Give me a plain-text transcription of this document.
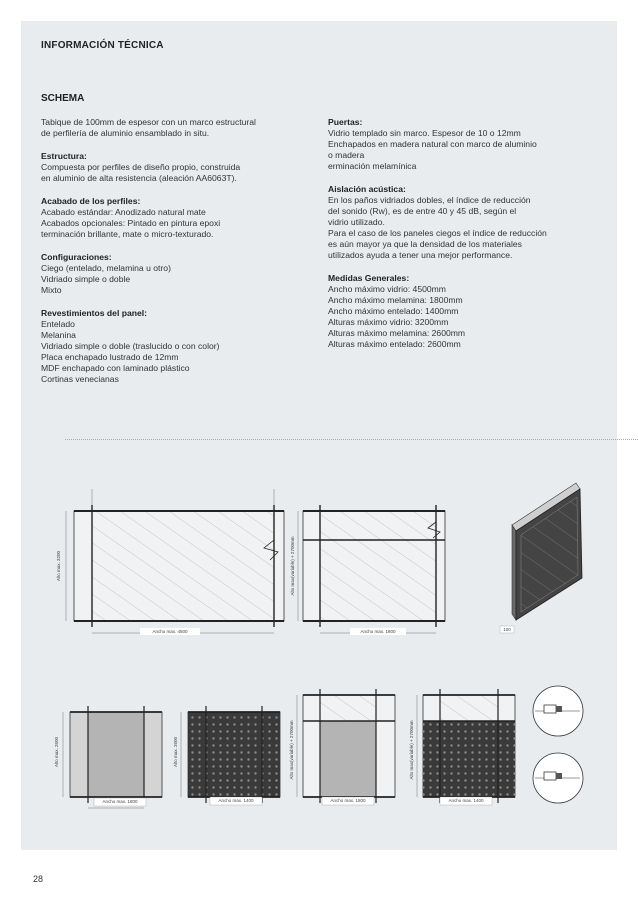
INFORMACIÓN TÉCNICA
SCHEMA
Tabique de 100mm de espesor con un marco estructural
de perfilería de aluminio ensamblado in situ.
Estructura:
Compuesta por perfiles de diseño propio, construida
en aluminio de alta resistencia (aleación AA6063T).
Acabado de los perfiles:
Acabado estándar: Anodizado natural mate
Acabados opcionales: Pintado en pintura epoxi
terminación brillante, mate o micro-texturado.
Configuraciones:
Ciego (entelado, melamina u otro)
Vidriado simple o doble
Mixto
Revestimientos del panel:
Entelado
Melanina
Vidriado simple o doble (traslucido o con color)
Placa enchapado lustrado de 12mm
MDF enchapado con laminado plástico
Cortinas venecianas
Puertas:
Vidrio templado sin marco. Espesor de 10 o 12mm
Enchapados en madera natural con marco de aluminio
o madera
erminación melamínica
Aislación acústica:
En los paños vidriados dobles, el índice de reducción
del sonido (Rw), es de entre 40 y 45 dB, según el
vidrio utilizado.
Para el caso de los paneles ciegos el índice de reducción
es aún mayor ya que la densidad de los materiales
utilizados ayuda a tener una mejor performance.
Medidas Generales:
Ancho máximo vidrio: 4500mm
Ancho máximo melamina: 1800mm
Ancho máximo entelado: 1400mm
Alturas máximo vidrio: 3200mm
Alturas máximo melamina: 2600mm
Alturas máximo entelado: 2600mm
Ancho max. 4500
Alto max. 3200
Ancho max. 1800
Alto max(variable) + 2700mm
100
Ancho max. 1800
Alto max. 2600
Ancho max. 1400
Alto max. 2600
Ancho max. 1800
Alto max(variable) + 2700mm
Ancho max. 1400
Alto max(variable) + 2700mm
28
